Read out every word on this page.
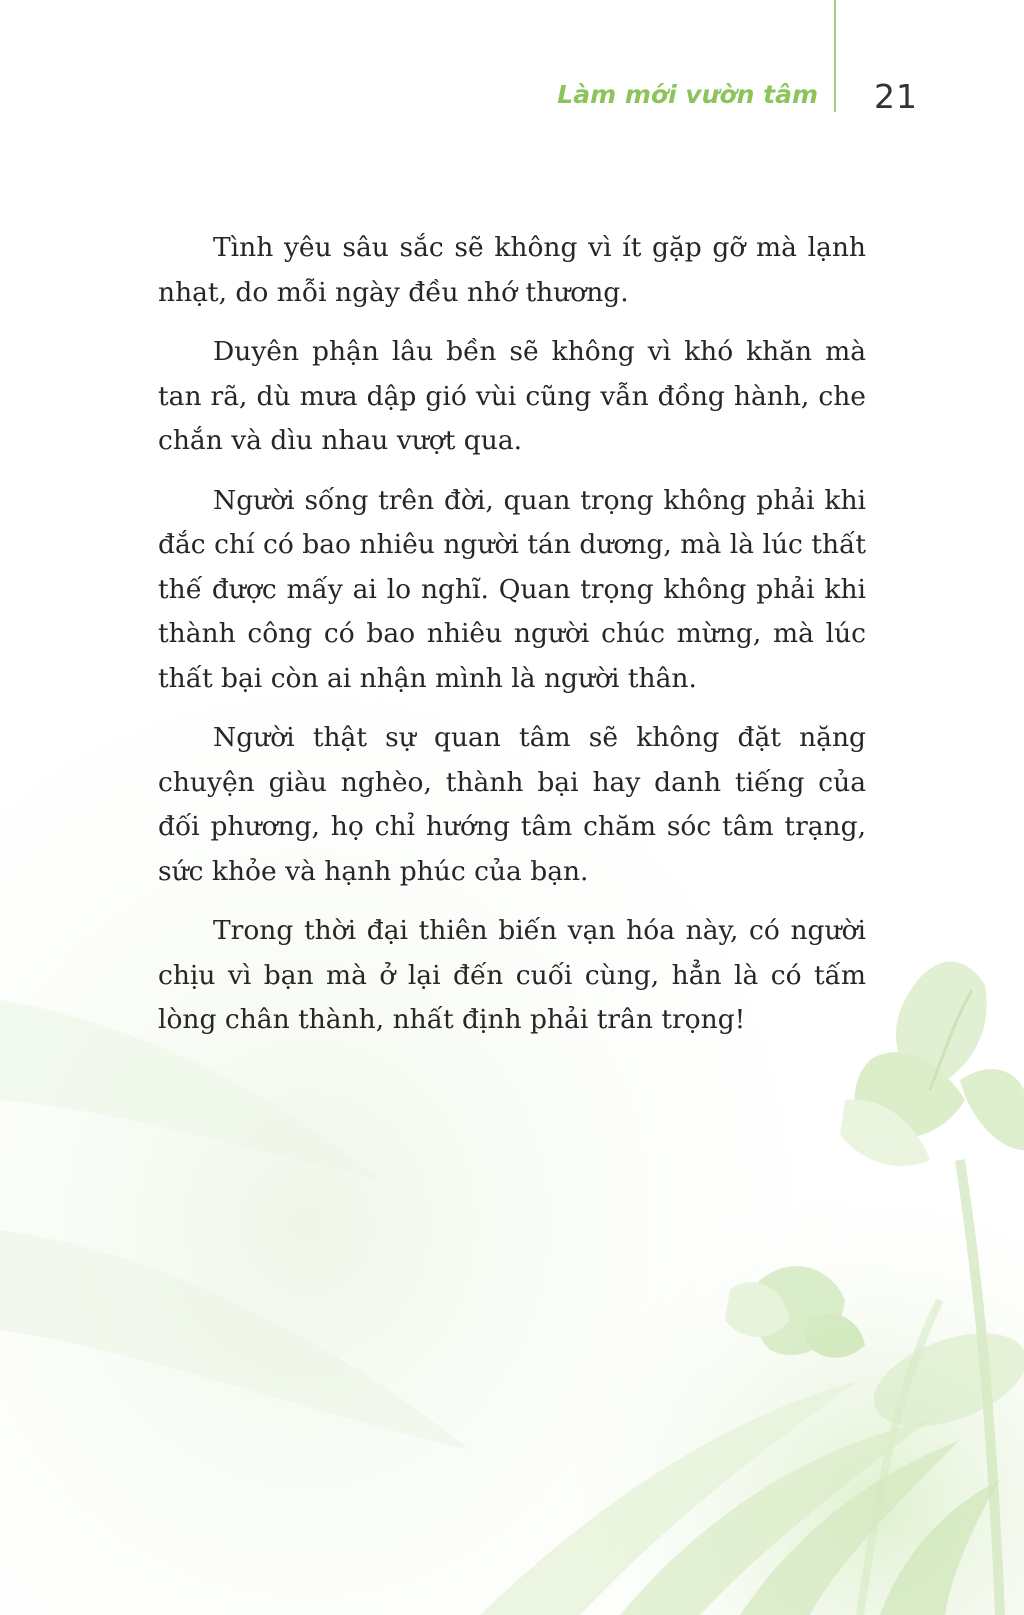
Làm mới vườn tâm 21

Tình yêu sâu sắc sẽ không vì ít gặp gỡ mà lạnh nhạt, do mỗi ngày đều nhớ thương.

Duyên phận lâu bền sẽ không vì khó khăn mà tan rã, dù mưa dập gió vùi cũng vẫn đồng hành, che chắn và dìu nhau vượt qua.

Người sống trên đời, quan trọng không phải khi đắc chí có bao nhiêu người tán dương, mà là lúc thất thế được mấy ai lo nghĩ. Quan trọng không phải khi thành công có bao nhiêu người chúc mừng, mà lúc thất bại còn ai nhận mình là người thân.

Người thật sự quan tâm sẽ không đặt nặng chuyện giàu nghèo, thành bại hay danh tiếng của đối phương, họ chỉ hướng tâm chăm sóc tâm trạng, sức khỏe và hạnh phúc của bạn.

Trong thời đại thiên biến vạn hóa này, có người chịu vì bạn mà ở lại đến cuối cùng, hẳn là có tấm lòng chân thành, nhất định phải trân trọng!
